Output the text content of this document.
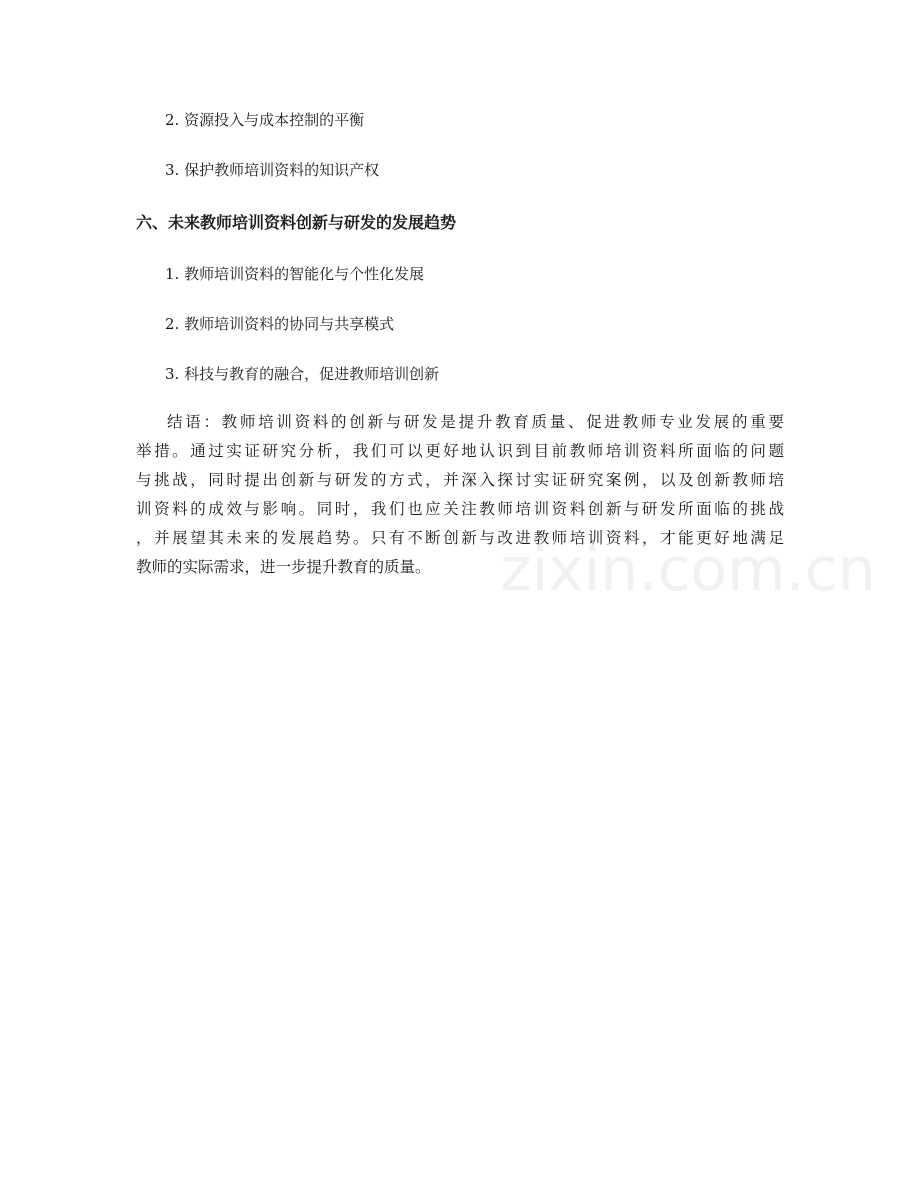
2. 资源投入与成本控制的平衡
3. 保护教师培训资料的知识产权
六、未来教师培训资料创新与研发的发展趋势
1. 教师培训资料的智能化与个性化发展
2. 教师培训资料的协同与共享模式
3. 科技与教育的融合，促进教师培训创新
结语：教师培训资料的创新与研发是提升教育质量、促进教师专业发展的重要
举措。通过实证研究分析，我们可以更好地认识到目前教师培训资料所面临的问题
与挑战，同时提出创新与研发的方式，并深入探讨实证研究案例，以及创新教师培
训资料的成效与影响。同时，我们也应关注教师培训资料创新与研发所面临的挑战
，并展望其未来的发展趋势。只有不断创新与改进教师培训资料，才能更好地满足
教师的实际需求，进一步提升教育的质量。	zixin.com.cn
